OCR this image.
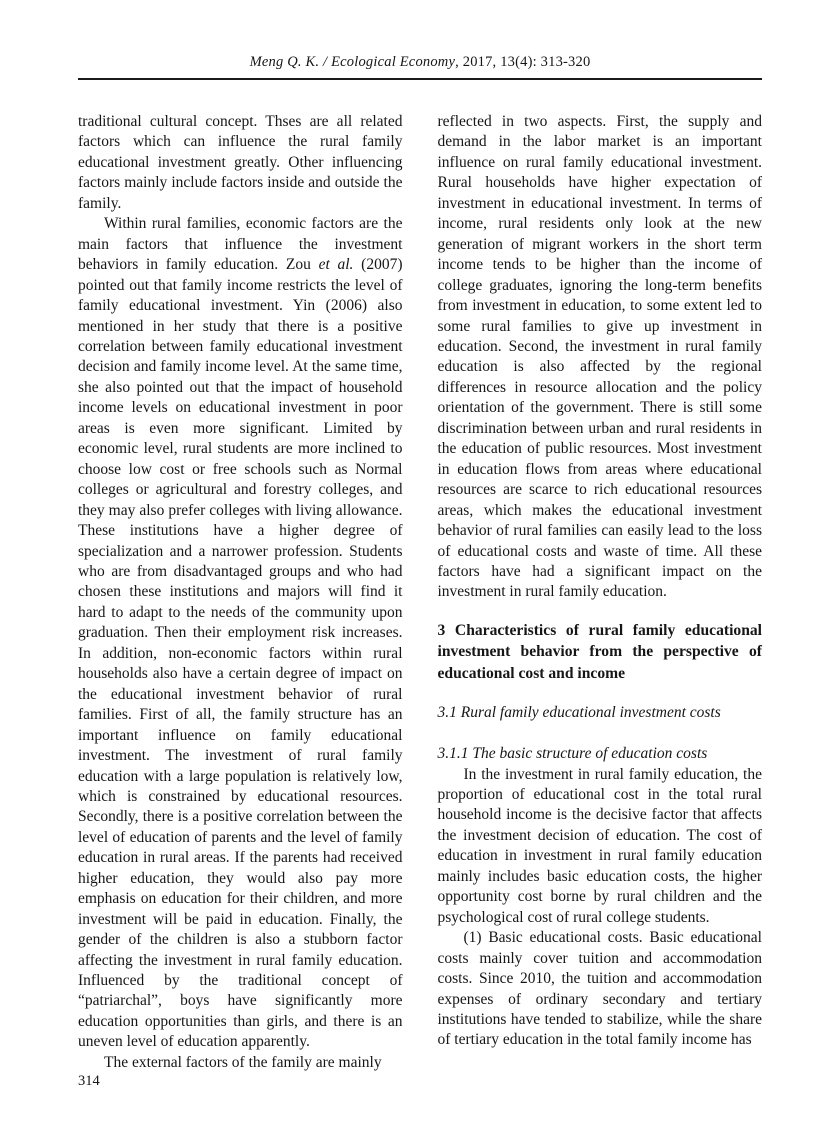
Meng Q. K. / Ecological Economy, 2017, 13(4): 313-320

traditional cultural concept. Thses are all related factors which can influence the rural family educational investment greatly. Other influencing factors mainly include factors inside and outside the family.

Within rural families, economic factors are the main factors that influence the investment behaviors in family education. Zou et al. (2007) pointed out that family income restricts the level of family educational investment. Yin (2006) also mentioned in her study that there is a positive correlation between family educational investment decision and family income level. At the same time, she also pointed out that the impact of household income levels on educational investment in poor areas is even more significant. Limited by economic level, rural students are more inclined to choose low cost or free schools such as Normal colleges or agricultural and forestry colleges, and they may also prefer colleges with living allowance. These institutions have a higher degree of specialization and a narrower profession. Students who are from disadvantaged groups and who had chosen these institutions and majors will find it hard to adapt to the needs of the community upon graduation. Then their employment risk increases. In addition, non-economic factors within rural households also have a certain degree of impact on the educational investment behavior of rural families. First of all, the family structure has an important influence on family educational investment. The investment of rural family education with a large population is relatively low, which is constrained by educational resources. Secondly, there is a positive correlation between the level of education of parents and the level of family education in rural areas. If the parents had received higher education, they would also pay more emphasis on education for their children, and more investment will be paid in education. Finally, the gender of the children is also a stubborn factor affecting the investment in rural family education. Influenced by the traditional concept of “patriarchal”, boys have significantly more education opportunities than girls, and there is an uneven level of education apparently.

The external factors of the family are mainly

reflected in two aspects. First, the supply and demand in the labor market is an important influence on rural family educational investment. Rural households have higher expectation of investment in educational investment. In terms of income, rural residents only look at the new generation of migrant workers in the short term income tends to be higher than the income of college graduates, ignoring the long-term benefits from investment in education, to some extent led to some rural families to give up investment in education. Second, the investment in rural family education is also affected by the regional differences in resource allocation and the policy orientation of the government. There is still some discrimination between urban and rural residents in the education of public resources. Most investment in education flows from areas where educational resources are scarce to rich educational resources areas, which makes the educational investment behavior of rural families can easily lead to the loss of educational costs and waste of time. All these factors have had a significant impact on the investment in rural family education.

3 Characteristics of rural family educational investment behavior from the perspective of educational cost and income
3.1 Rural family educational investment costs
3.1.1 The basic structure of education costs

In the investment in rural family education, the proportion of educational cost in the total rural household income is the decisive factor that affects the investment decision of education. The cost of education in investment in rural family education mainly includes basic education costs, the higher opportunity cost borne by rural children and the psychological cost of rural college students.

(1) Basic educational costs. Basic educational costs mainly cover tuition and accommodation costs. Since 2010, the tuition and accommodation expenses of ordinary secondary and tertiary institutions have tended to stabilize, while the share of tertiary education in the total family income has

314
